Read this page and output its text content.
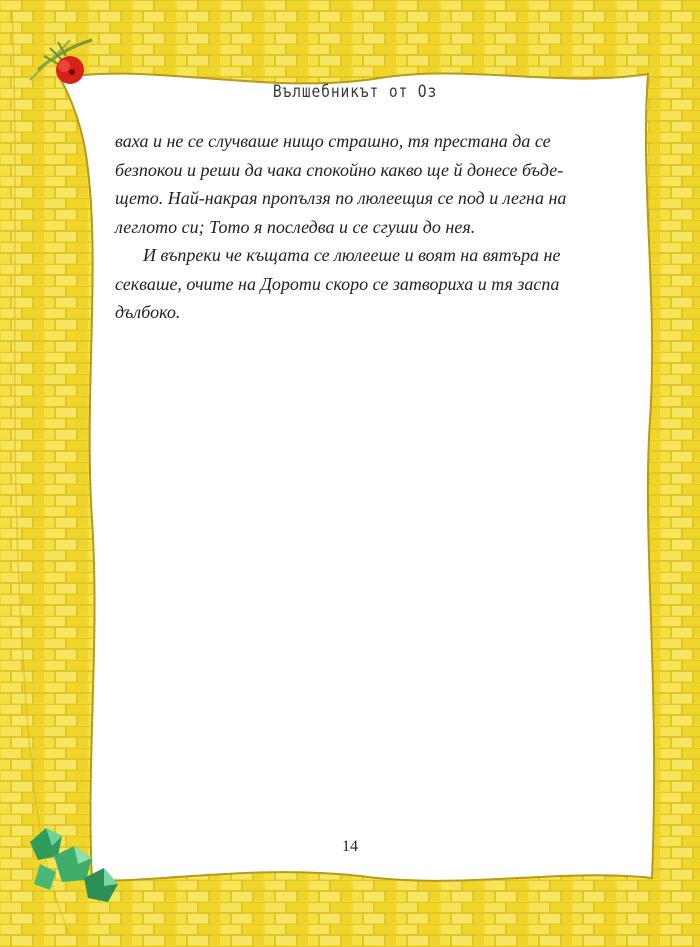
Вълшебникът от Оз

ваха и не се случваше нищо страшно, тя престана да се
безпокои и реши да чака спокойно какво ще й донесе бъде-
щето. Най-накрая пропълзя по люлеещия се под и легна на
леглото си; Тото я последва и се сгуши до нея.

И въпреки че къщата се люлееше и воят на вятъра не
секваше, очите на Дороти скоро се затвориха и тя заспа
дълбоко.

14
